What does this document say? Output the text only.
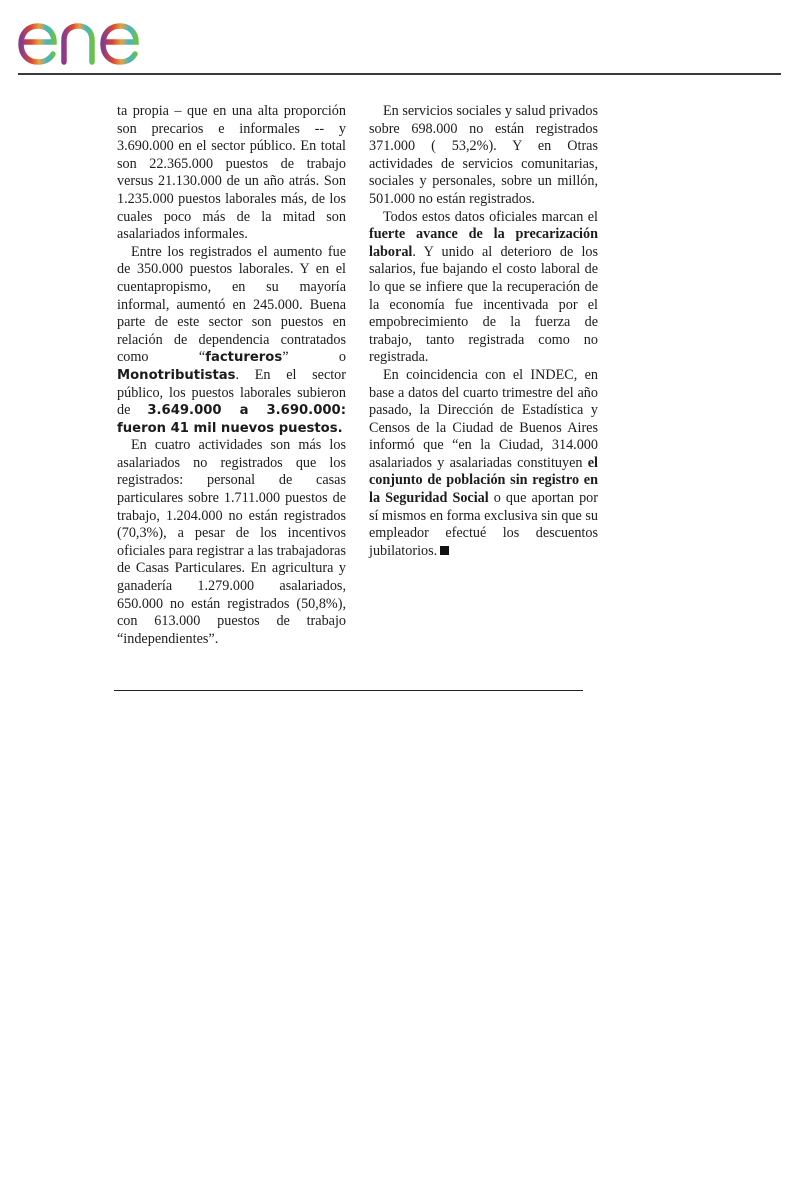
ta propia – que en una alta proporción son precarios e informales -- y 3.690.000 en el sector público. En total son 22.365.000 puestos de trabajo versus 21.130.000 de un año atrás. Son 1.235.000 puestos laborales más, de los cuales poco más de la mitad son asalariados informales.

Entre los registrados el aumento fue de 350.000 puestos laborales. Y en el cuentapropismo, en su mayoría informal, aumentó en 245.000. Buena parte de este sector son puestos en relación de dependencia contratados como “factureros” o Monotributistas. En el sector público, los puestos laborales subieron de 3.649.000 a 3.690.000: fueron 41 mil nuevos puestos.

En cuatro actividades son más los asalariados no registrados que los registrados: personal de casas particulares sobre 1.711.000 puestos de trabajo, 1.204.000 no están registrados (70,3%), a pesar de los incentivos oficiales para registrar a las trabajadoras de Casas Particulares. En agricultura y ganadería 1.279.000 asalariados, 650.000 no están registrados (50,8%), con 613.000 puestos de trabajo “independientes”.

En servicios sociales y salud privados sobre 698.000 no están registrados 371.000 ( 53,2%). Y en Otras actividades de servicios comunitarias, sociales y personales, sobre un millón, 501.000 no están registrados.

Todos estos datos oficiales marcan el fuerte avance de la precarización laboral. Y unido al deterioro de los salarios, fue bajando el costo laboral de lo que se infiere que la recuperación de la economía fue incentivada por el empobrecimiento de la fuerza de trabajo, tanto registrada como no registrada.

En coincidencia con el INDEC, en base a datos del cuarto trimestre del año pasado, la Dirección de Estadística y Censos de la Ciudad de Buenos Aires informó que “en la Ciudad, 314.000 asalariados y asalariadas constituyen el conjunto de población sin registro en la Seguridad Social o que aportan por sí mismos en forma exclusiva sin que su empleador efectué los descuentos jubilatorios.
